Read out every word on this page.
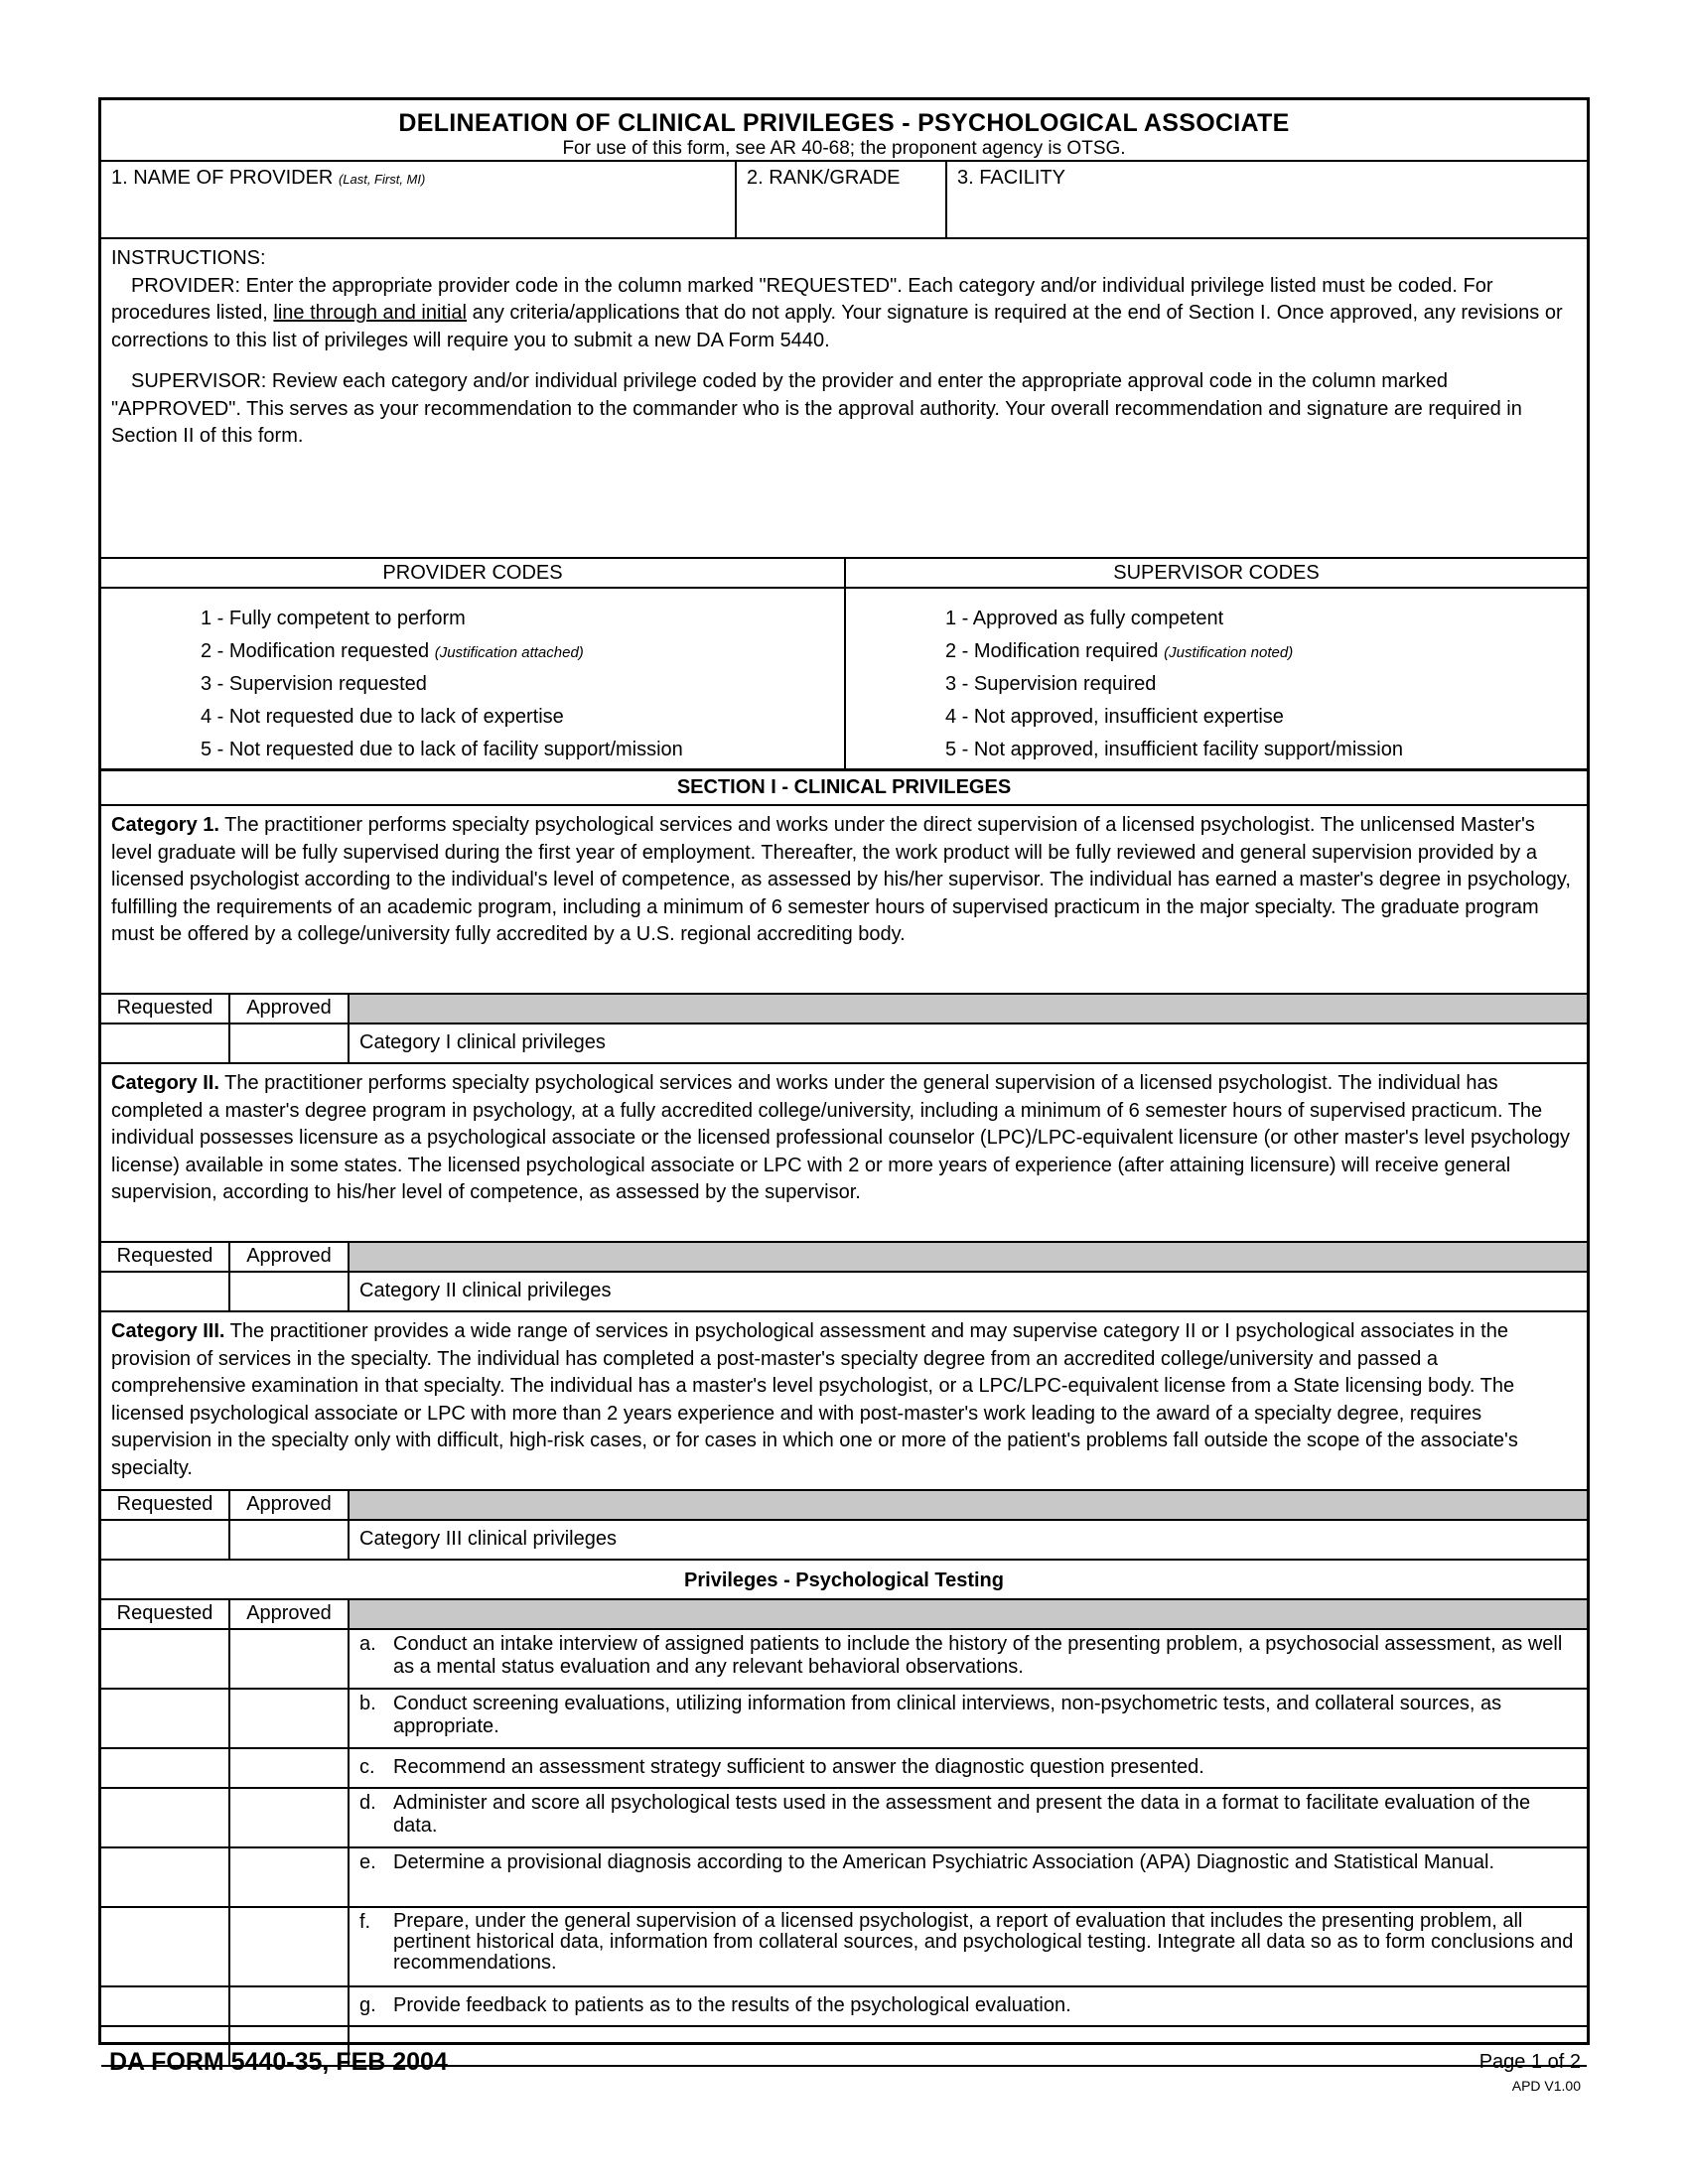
DELINEATION OF CLINICAL PRIVILEGES - PSYCHOLOGICAL ASSOCIATE
For use of this form, see AR 40-68; the proponent agency is OTSG.
1. NAME OF PROVIDER (Last, First, MI)	2. RANK/GRADE	3. FACILITY

INSTRUCTIONS:

PROVIDER: Enter the appropriate provider code in the column marked "REQUESTED". Each category and/or individual privilege listed must be coded. For procedures listed, line through and initial any criteria/applications that do not apply. Your signature is required at the end of Section I. Once approved, any revisions or corrections to this list of privileges will require you to submit a new DA Form 5440.

SUPERVISOR: Review each category and/or individual privilege coded by the provider and enter the appropriate approval code in the column marked "APPROVED". This serves as your recommendation to the commander who is the approval authority. Your overall recommendation and signature are required in Section II of this form.

PROVIDER CODES	SUPERVISOR CODES
1 - Fully competent to perform
2 - Modification requested (Justification attached)
3 - Supervision requested
4 - Not requested due to lack of expertise
5 - Not requested due to lack of facility support/mission
1 - Approved as fully competent
2 - Modification required (Justification noted)
3 - Supervision required
4 - Not approved, insufficient expertise
5 - Not approved, insufficient facility support/mission
SECTION I - CLINICAL PRIVILEGES
Category 1. The practitioner performs specialty psychological services and works under the direct supervision of a licensed psychologist. The unlicensed Master's level graduate will be fully supervised during the first year of employment. Thereafter, the work product will be fully reviewed and general supervision provided by a licensed psychologist according to the individual's level of competence, as assessed by his/her supervisor. The individual has earned a master's degree in psychology, fulfilling the requirements of an academic program, including a minimum of 6 semester hours of supervised practicum in the major specialty. The graduate program must be offered by a college/university fully accredited by a U.S. regional accrediting body.
Requested	Approved
Category I clinical privileges
Category II. The practitioner performs specialty psychological services and works under the general supervision of a licensed psychologist. The individual has completed a master's degree program in psychology, at a fully accredited college/university, including a minimum of 6 semester hours of supervised practicum. The individual possesses licensure as a psychological associate or the licensed professional counselor (LPC)/LPC-equivalent licensure (or other master's level psychology license) available in some states. The licensed psychological associate or LPC with 2 or more years of experience (after attaining licensure) will receive general supervision, according to his/her level of competence, as assessed by the supervisor.
Requested	Approved
Category II clinical privileges
Category III. The practitioner provides a wide range of services in psychological assessment and may supervise category II or I psychological associates in the provision of services in the specialty. The individual has completed a post-master's specialty degree from an accredited college/university and passed a comprehensive examination in that specialty. The individual has a master's level psychologist, or a LPC/LPC-equivalent license from a State licensing body. The licensed psychological associate or LPC with more than 2 years experience and with post-master's work leading to the award of a specialty degree, requires supervision in the specialty only with difficult, high-risk cases, or for cases in which one or more of the patient's problems fall outside the scope of the associate's specialty.
Requested	Approved
Category III clinical privileges
Privileges - Psychological Testing
Requested	Approved
a. Conduct an intake interview of assigned patients to include the history of the presenting problem, a psychosocial assessment, as well as a mental status evaluation and any relevant behavioral observations.
b. Conduct screening evaluations, utilizing information from clinical interviews, non-psychometric tests, and collateral sources, as appropriate.
c. Recommend an assessment strategy sufficient to answer the diagnostic question presented.
d. Administer and score all psychological tests used in the assessment and present the data in a format to facilitate evaluation of the data.
e. Determine a provisional diagnosis according to the American Psychiatric Association (APA) Diagnostic and Statistical Manual.
f. Prepare, under the general supervision of a licensed psychologist, a report of evaluation that includes the presenting problem, all pertinent historical data, information from collateral sources, and psychological testing. Integrate all data so as to form conclusions and recommendations.
g. Provide feedback to patients as to the results of the psychological evaluation.
DA FORM 5440-35, FEB 2004	Page 1 of 2
APD V1.00
